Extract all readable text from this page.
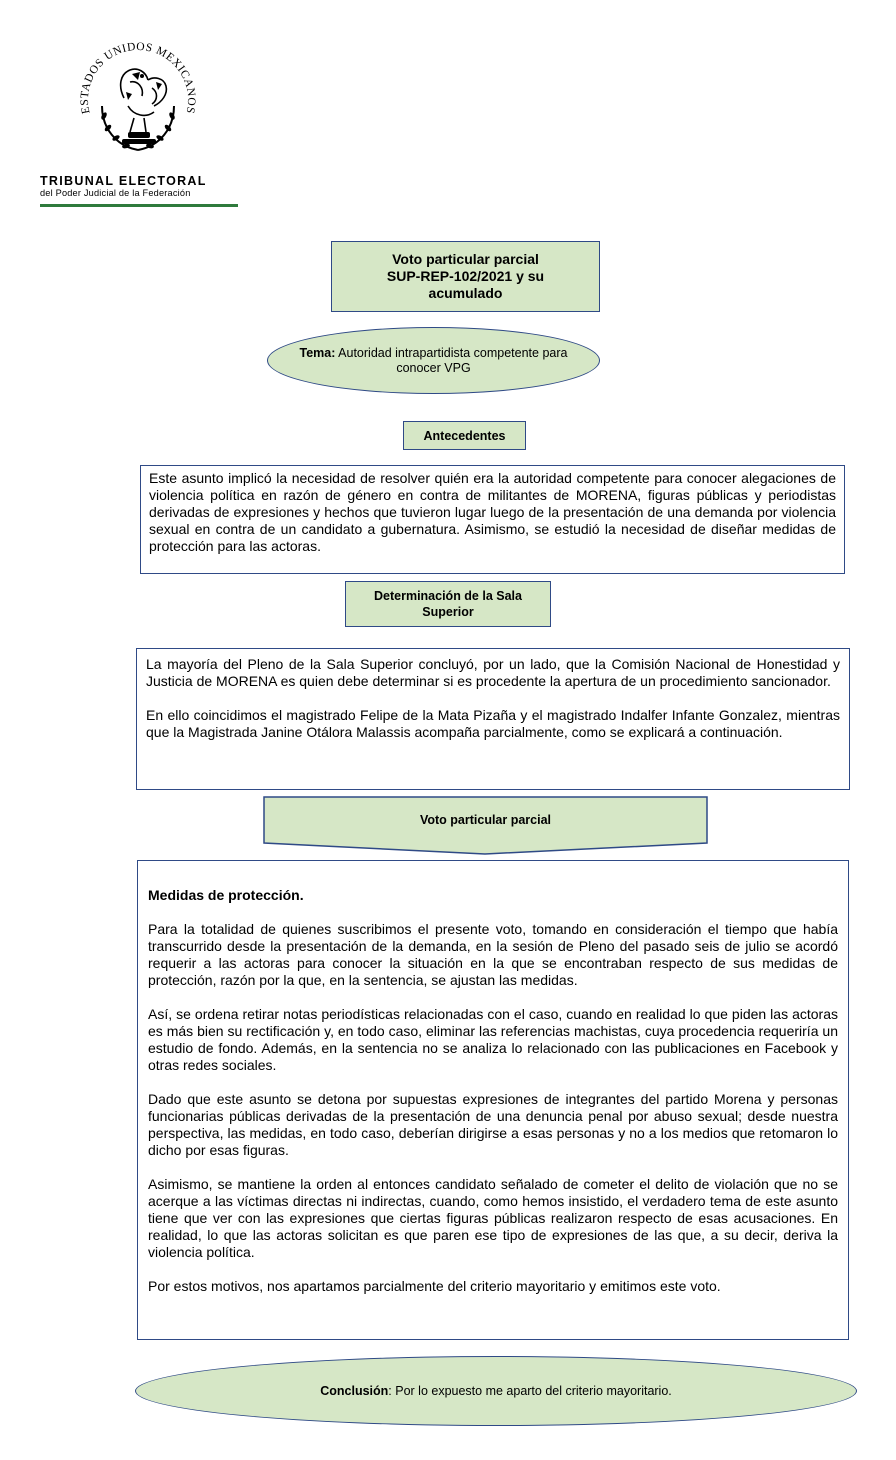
ESTADOS UNIDOS MEXICANOS
TRIBUNAL ELECTORAL
del Poder Judicial de la Federación
Voto particular parcial
SUP-REP-102/2021 y su
acumulado
Tema: Autoridad intrapartidista competente para conocer VPG
Antecedentes
Este asunto implicó la necesidad de resolver quién era la autoridad competente para conocer alegaciones de violencia política en razón de género en contra de militantes de MORENA, figuras públicas y periodistas derivadas de expresiones y hechos que tuvieron lugar luego de la presentación de una demanda por violencia sexual en contra de un candidato a gubernatura. Asimismo, se estudió la necesidad de diseñar medidas de protección para las actoras.
Determinación de la Sala
Superior

La mayoría del Pleno de la Sala Superior concluyó, por un lado, que la Comisión Nacional de Honestidad y Justicia de MORENA es quien debe determinar si es procedente la apertura de un procedimiento sancionador.

En ello coincidimos el magistrado Felipe de la Mata Pizaña y el magistrado Indalfer Infante Gonzalez, mientras que la Magistrada Janine Otálora Malassis acompaña parcialmente, como se explicará a continuación.

Voto particular parcial

Medidas de protección.

Para la totalidad de quienes suscribimos el presente voto, tomando en consideración el tiempo que había transcurrido desde la presentación de la demanda, en la sesión de Pleno del pasado seis de julio se acordó requerir a las actoras para conocer la situación en la que se encontraban respecto de sus medidas de protección, razón por la que, en la sentencia, se ajustan las medidas.

Así, se ordena retirar notas periodísticas relacionadas con el caso, cuando en realidad lo que piden las actoras es más bien su rectificación y, en todo caso, eliminar las referencias machistas, cuya procedencia requeriría un estudio de fondo. Además, en la sentencia no se analiza lo relacionado con las publicaciones en Facebook y otras redes sociales.

Dado que este asunto se detona por supuestas expresiones de integrantes del partido Morena y personas funcionarias públicas derivadas de la presentación de una denuncia penal por abuso sexual; desde nuestra perspectiva, las medidas, en todo caso, deberían dirigirse a esas personas y no a los medios que retomaron lo dicho por esas figuras.

Asimismo, se mantiene la orden al entonces candidato señalado de cometer el delito de violación que no se acerque a las víctimas directas ni indirectas, cuando, como hemos insistido, el verdadero tema de este asunto tiene que ver con las expresiones que ciertas figuras públicas realizaron respecto de esas acusaciones. En realidad, lo que las actoras solicitan es que paren ese tipo de expresiones de las que, a su decir, deriva la violencia política.

Por estos motivos, nos apartamos parcialmente del criterio mayoritario y emitimos este voto.

Conclusión: Por lo expuesto me aparto del criterio mayoritario.
